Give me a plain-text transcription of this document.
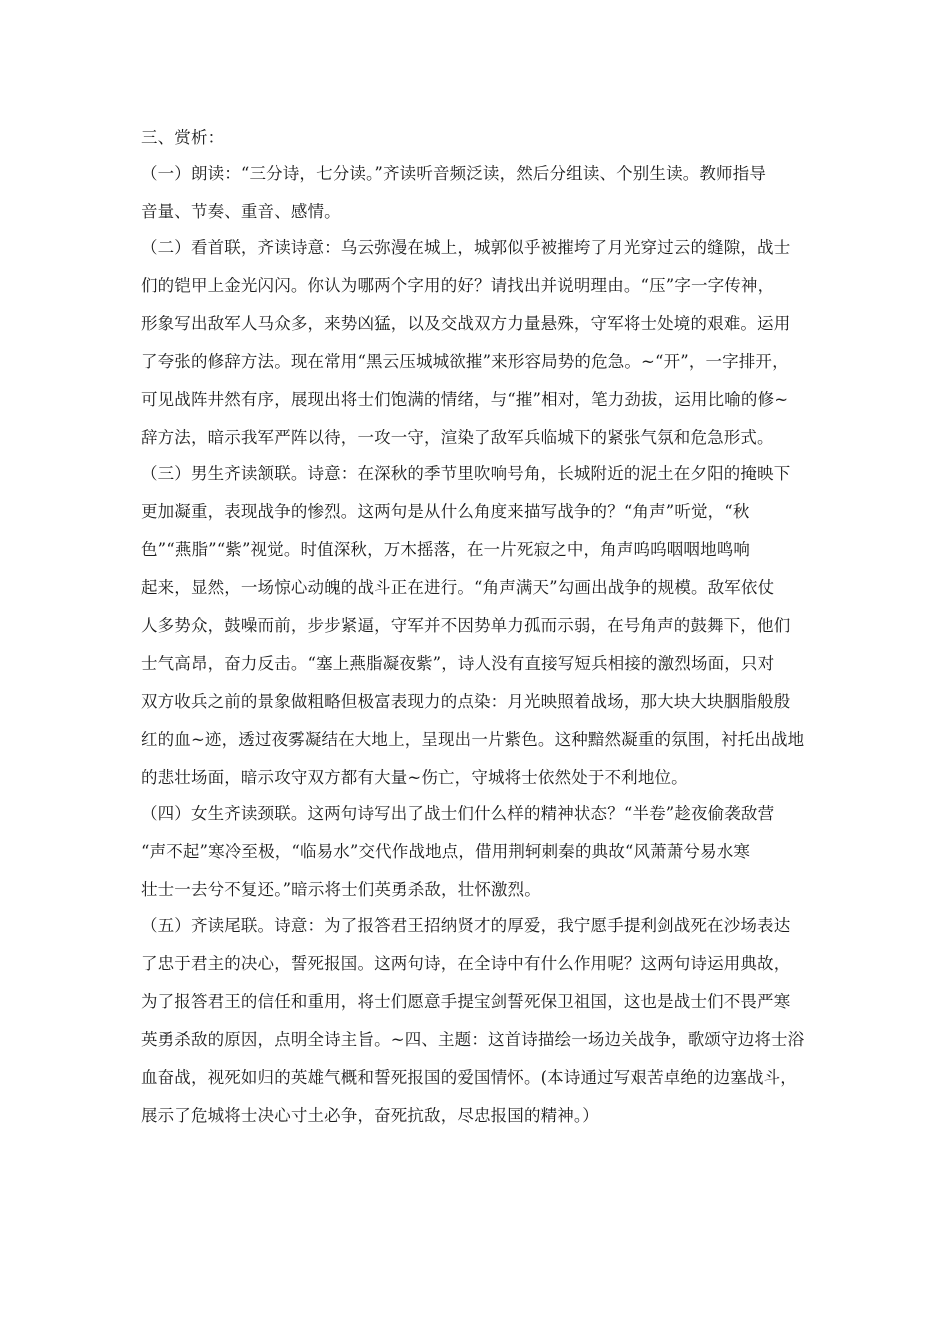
三、赏析：
（一）朗读：“三分诗，七分读。”齐读听音频泛读，然后分组读、个别生读。教师指导
音量、节奏、重音、感情。
（二）看首联，齐读诗意：乌云弥漫在城上，城郭似乎被摧垮了月光穿过云的缝隙，战士
们的铠甲上金光闪闪。你认为哪两个字用的好？请找出并说明理由。“压”字一字传神，
形象写出敌军人马众多，来势凶猛，以及交战双方力量悬殊，守军将士处境的艰难。运用
了夸张的修辞方法。现在常用“黑云压城城欲摧”来形容局势的危急。~“开”，一字排开，
可见战阵井然有序，展现出将士们饱满的情绪，与“摧”相对，笔力劲拔，运用比喻的修~
辞方法，暗示我军严阵以待，一攻一守，渲染了敌军兵临城下的紧张气氛和危急形式。
（三）男生齐读颔联。诗意：在深秋的季节里吹响号角，长城附近的泥土在夕阳的掩映下
更加凝重，表现战争的惨烈。这两句是从什么角度来描写战争的？“角声”听觉，“秋
色”“燕脂”“紫”视觉。时值深秋，万木摇落，在一片死寂之中，角声呜呜咽咽地鸣响
起来，显然，一场惊心动魄的战斗正在进行。“角声满天”勾画出战争的规模。敌军依仗
人多势众，鼓噪而前，步步紧逼，守军并不因势单力孤而示弱，在号角声的鼓舞下，他们
士气高昂，奋力反击。“塞上燕脂凝夜紫”，诗人没有直接写短兵相接的激烈场面，只对
双方收兵之前的景象做粗略但极富表现力的点染：月光映照着战场，那大块大块胭脂般殷
红的血~迹，透过夜雾凝结在大地上，呈现出一片紫色。这种黯然凝重的氛围，衬托出战地
的悲壮场面，暗示攻守双方都有大量~伤亡，守城将士依然处于不利地位。
（四）女生齐读颈联。这两句诗写出了战士们什么样的精神状态？“半卷”趁夜偷袭敌营
“声不起”寒冷至极，“临易水”交代作战地点，借用荆轲刺秦的典故“风萧萧兮易水寒
壮士一去兮不复还。”暗示将士们英勇杀敌，壮怀激烈。
（五）齐读尾联。诗意：为了报答君王招纳贤才的厚爱，我宁愿手提利剑战死在沙场表达
了忠于君主的决心，誓死报国。这两句诗，在全诗中有什么作用呢？这两句诗运用典故，
为了报答君王的信任和重用，将士们愿意手提宝剑誓死保卫祖国，这也是战士们不畏严寒
英勇杀敌的原因，点明全诗主旨。~四、主题：这首诗描绘一场边关战争，歌颂守边将士浴
血奋战，视死如归的英雄气概和誓死报国的爱国情怀。(本诗通过写艰苦卓绝的边塞战斗，
展示了危城将士决心寸土必争，奋死抗敌，尽忠报国的精神。）
